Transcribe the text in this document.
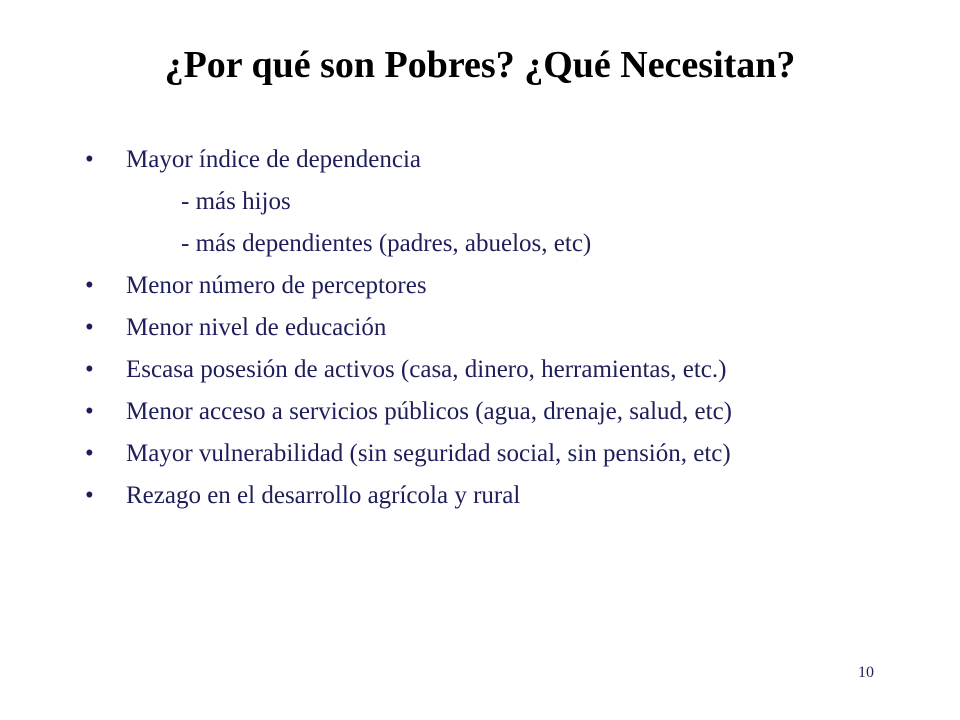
¿Por qué son Pobres? ¿Qué Necesitan?
•	Mayor índice de dependencia
- más hijos
- más dependientes (padres, abuelos, etc)
•	Menor número de perceptores
•	Menor nivel de educación
•	Escasa posesión de activos (casa, dinero, herramientas, etc.)
•	Menor acceso a servicios públicos (agua, drenaje, salud, etc)
•	Mayor vulnerabilidad (sin seguridad social, sin pensión, etc)
•	Rezago en el desarrollo agrícola y rural
10
